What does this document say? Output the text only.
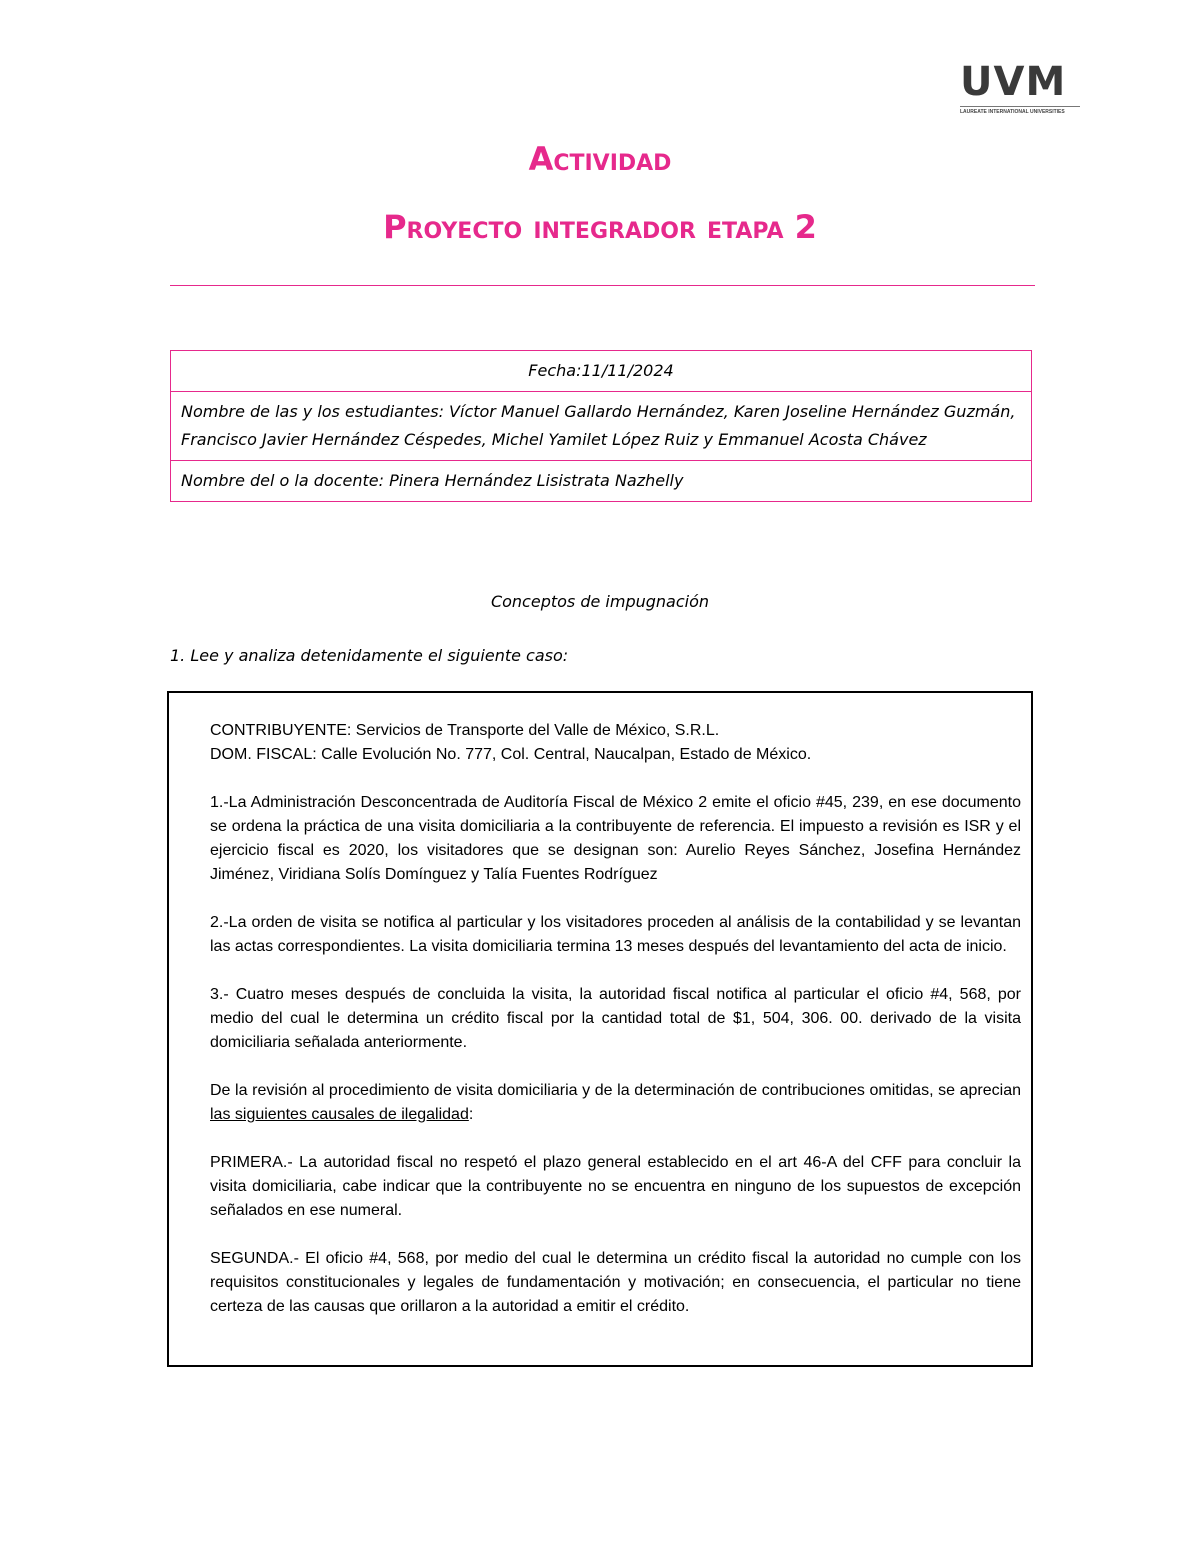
UVM
LAUREATE INTERNATIONAL UNIVERSITIES
Actividad
Proyecto integrador etapa 2
Fecha:11/11/2024
Nombre de las y los estudiantes: Víctor Manuel Gallardo Hernández, Karen Joseline Hernández Guzmán, Francisco Javier Hernández Céspedes, Michel Yamilet López Ruiz y Emmanuel Acosta Chávez
Nombre del o la docente: Pinera Hernández Lisistrata Nazhelly

Conceptos de impugnación

1. Lee y analiza detenidamente el siguiente caso:

CONTRIBUYENTE: Servicios de Transporte del Valle de México, S.R.L.

DOM. FISCAL: Calle Evolución No. 777, Col. Central, Naucalpan, Estado de México.

1.-La Administración Desconcentrada de Auditoría Fiscal de México 2 emite el oficio #45, 239, en ese documento se ordena la práctica de una visita domiciliaria a la contribuyente de referencia. El impuesto a revisión es ISR y el ejercicio fiscal es 2020, los visitadores que se designan son: Aurelio Reyes Sánchez, Josefina Hernández Jiménez, Viridiana Solís Domínguez y Talía Fuentes Rodríguez

2.-La orden de visita se notifica al particular y los visitadores proceden al análisis de la contabilidad y se levantan las actas correspondientes. La visita domiciliaria termina 13 meses después del levantamiento del acta de inicio.

3.- Cuatro meses después de concluida la visita, la autoridad fiscal notifica al particular el oficio #4, 568, por medio del cual le determina un crédito fiscal por la cantidad total de $1, 504, 306. 00. derivado de la visita domiciliaria señalada anteriormente.

De la revisión al procedimiento de visita domiciliaria y de la determinación de contribuciones omitidas, se aprecian las siguientes causales de ilegalidad:

PRIMERA.- La autoridad fiscal no respetó el plazo general establecido en el art 46-A del CFF para concluir la visita domiciliaria, cabe indicar que la contribuyente no se encuentra en ninguno de los supuestos de excepción señalados en ese numeral.

SEGUNDA.- El oficio #4, 568, por medio del cual le determina un crédito fiscal la autoridad no cumple con los requisitos constitucionales y legales de fundamentación y motivación; en consecuencia, el particular no tiene certeza de las causas que orillaron a la autoridad a emitir el crédito.
